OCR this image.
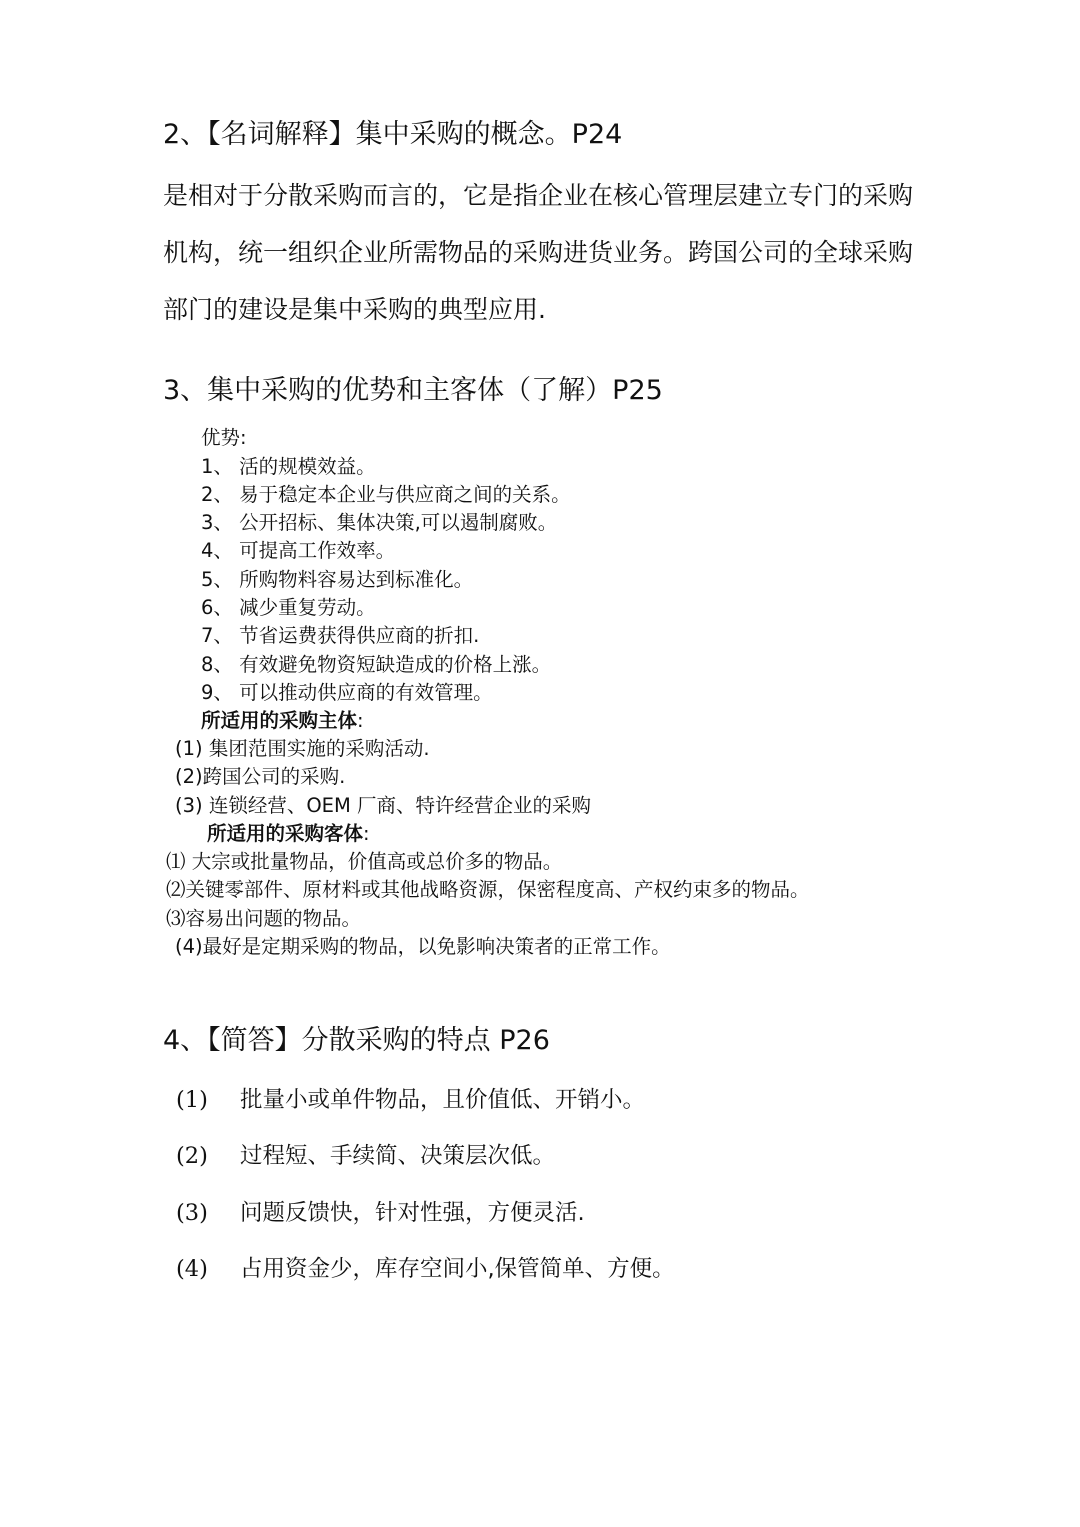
2、【名词解释】集中采购的概念。P24
是相对于分散采购而言的，它是指企业在核心管理层建立专门的采购
机构，统一组织企业所需物品的采购进货业务。跨国公司的全球采购
部门的建设是集中采购的典型应用.
3、集中采购的优势和主客体（了解）P25
优势:
1、 活的规模效益。
2、 易于稳定本企业与供应商之间的关系。
3、 公开招标、集体决策,可以遏制腐败。
4、 可提高工作效率。
5、 所购物料容易达到标准化。
6、 减少重复劳动。
7、 节省运费获得供应商的折扣.
8、 有效避免物资短缺造成的价格上涨。
9、 可以推动供应商的有效管理。
所适用的采购主体:
(1) 集团范围实施的采购活动.
(2)跨国公司的采购.
(3) 连锁经营、OEM 厂商、特许经营企业的采购
所适用的采购客体:
⑴ 大宗或批量物品，价值高或总价多的物品。
⑵关键零部件、原材料或其他战略资源，保密程度高、产权约束多的物品。
⑶容易出问题的物品。
(4)最好是定期采购的物品，以免影响决策者的正常工作。
4、【简答】分散采购的特点 P26
(1) 批量小或单件物品，且价值低、开销小。
(2) 过程短、手续简、决策层次低。
(3) 问题反馈快，针对性强，方便灵活.
(4) 占用资金少，库存空间小,保管简单、方便。
